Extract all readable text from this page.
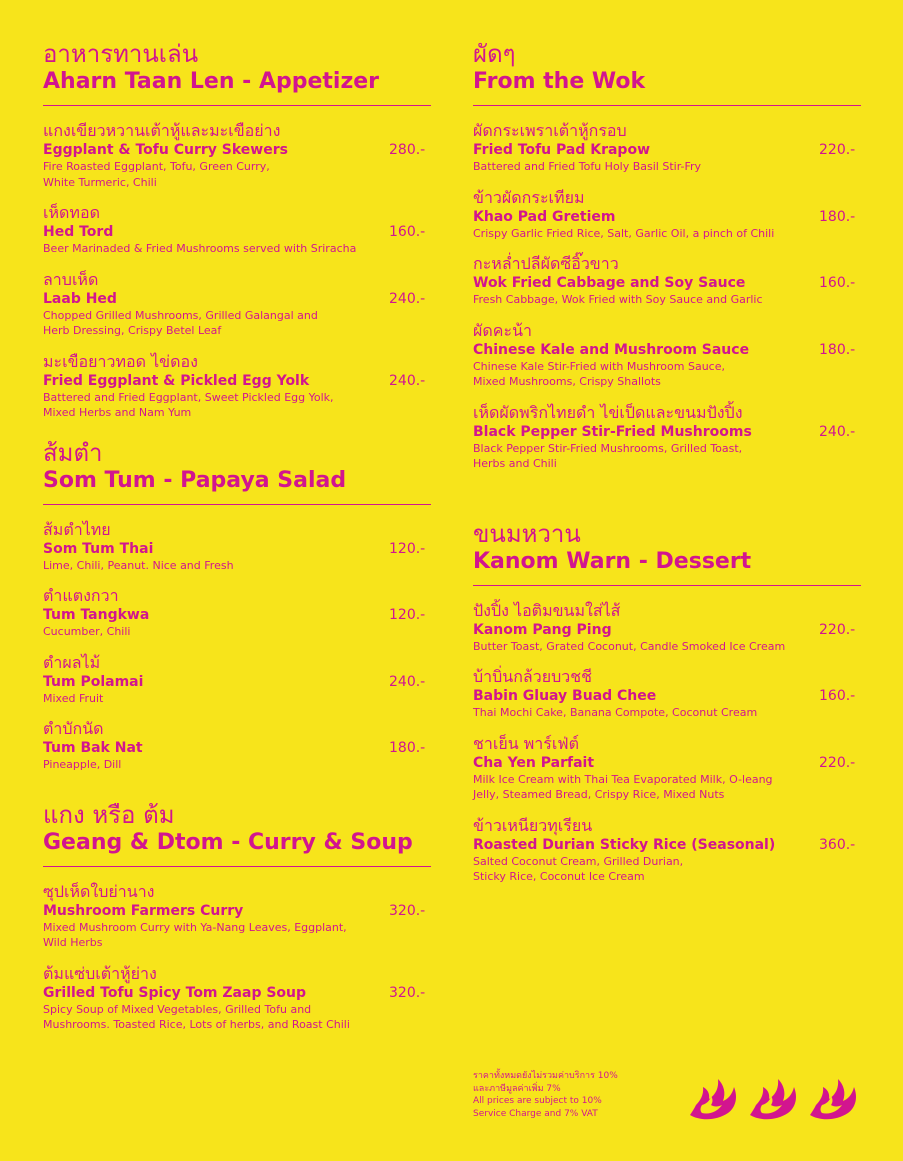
อาหารทานเล่น
Aharn Taan Len - Appetizer
แกงเขียวหวานเต้าหู้และมะเขือย่าง
Eggplant & Tofu Curry Skewers	280.-
Fire Roasted Eggplant, Tofu, Green Curry, White Turmeric, Chili
เห็ดทอด
Hed Tord	160.-
Beer Marinaded & Fried Mushrooms served with Sriracha
ลาบเห็ด
Laab Hed	240.-
Chopped Grilled Mushrooms, Grilled Galangal and Herb Dressing, Crispy Betel Leaf
มะเขือยาวทอด ไข่ดอง
Fried Eggplant & Pickled Egg Yolk	240.-
Battered and Fried Eggplant, Sweet Pickled Egg Yolk, Mixed Herbs and Nam Yum
ส้มตำ
Som Tum - Papaya Salad
ส้มตำไทย
Som Tum Thai	120.-
Lime, Chili, Peanut. Nice and Fresh
ตำแตงกวา
Tum Tangkwa	120.-
Cucumber, Chili
ตำผลไม้
Tum Polamai	240.-
Mixed Fruit
ตำบักนัด
Tum Bak Nat	180.-
Pineapple, Dill
แกง หรือ ต้ม
Geang & Dtom - Curry & Soup
ซุปเห็ดใบย่านาง
Mushroom Farmers Curry	320.-
Mixed Mushroom Curry with Ya-Nang Leaves, Eggplant, Wild Herbs
ต้มแซ่บเต้าหู้ย่าง
Grilled Tofu Spicy Tom Zaap Soup	320.-
Spicy Soup of Mixed Vegetables, Grilled Tofu and Mushrooms. Toasted Rice, Lots of herbs, and Roast Chili
ผัดๆ
From the Wok
ผัดกระเพราเต้าหู้กรอบ
Fried Tofu Pad Krapow	220.-
Battered and Fried Tofu Holy Basil Stir-Fry
ข้าวผัดกระเทียม
Khao Pad Gretiem	180.-
Crispy Garlic Fried Rice, Salt, Garlic Oil, a pinch of Chili
กะหล่ำปลีผัดซีอิ๊วขาว
Wok Fried Cabbage and Soy Sauce	160.-
Fresh Cabbage, Wok Fried with Soy Sauce and Garlic
ผัดคะน้า
Chinese Kale and Mushroom Sauce	180.-
Chinese Kale Stir-Fried with Mushroom Sauce, Mixed Mushrooms, Crispy Shallots
เห็ดผัดพริกไทยดำ ไข่เป็ดและขนมปังปิ้ง
Black Pepper Stir-Fried Mushrooms	240.-
Black Pepper Stir-Fried Mushrooms, Grilled Toast, Herbs and Chili
ขนมหวาน
Kanom Warn - Dessert
ปังปิ้ง ไอติมขนมใส่ไส้
Kanom Pang Ping	220.-
Butter Toast, Grated Coconut, Candle Smoked Ice Cream
บ้าบิ่นกล้วยบวชชี
Babin Gluay Buad Chee	160.-
Thai Mochi Cake, Banana Compote, Coconut Cream
ชาเย็น พาร์เฟ่ต์
Cha Yen Parfait	220.-
Milk Ice Cream with Thai Tea Evaporated Milk, O-leang Jelly, Steamed Bread, Crispy Rice, Mixed Nuts
ข้าวเหนียวทุเรียน
Roasted Durian Sticky Rice (Seasonal)	360.-
Salted Coconut Cream, Grilled Durian, Sticky Rice, Coconut Ice Cream
ราคาทั้งหมดยังไม่รวมค่าบริการ 10%
และภาษีมูลค่าเพิ่ม 7%
All prices are subject to 10%
Service Charge and 7% VAT
